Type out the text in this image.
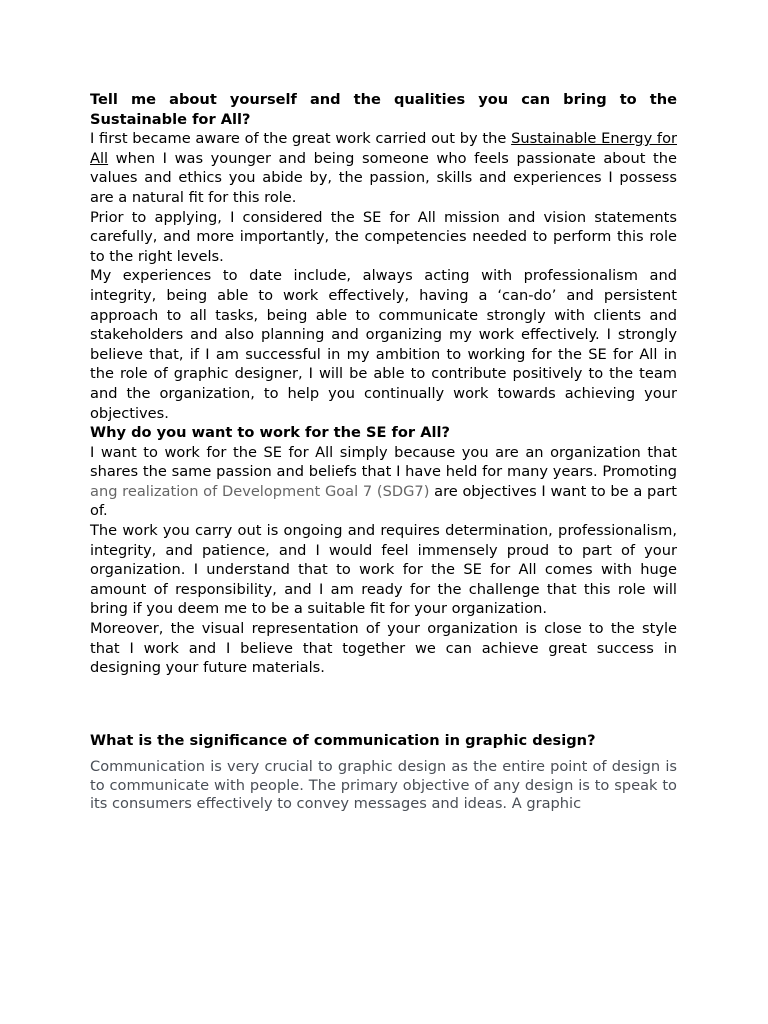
Tell me about yourself and the qualities you can bring to the Sustainable for All?

I first became aware of the great work carried out by the Sustainable Energy for All when I was younger and being someone who feels passionate about the values and ethics you abide by, the passion, skills and experiences I possess are a natural fit for this role.

Prior to applying, I considered the SE for All mission and vision statements carefully, and more importantly, the competencies needed to perform this role to the right levels.

My experiences to date include, always acting with professionalism and integrity, being able to work effectively, having a ‘can-do’ and persistent approach to all tasks, being able to communicate strongly with clients and stakeholders and also planning and organizing my work effectively. I strongly believe that, if I am successful in my ambition to working for the SE for All in the role of graphic designer, I will be able to contribute positively to the team and the organization, to help you continually work towards achieving your objectives.

Why do you want to work for the SE for All?

I want to work for the SE for All simply because you are an organization that shares the same passion and beliefs that I have held for many years. Promoting ang realization of Development Goal 7 (SDG7) are objectives I want to be a part of.

The work you carry out is ongoing and requires determination, professionalism, integrity, and patience, and I would feel immensely proud to part of your organization. I understand that to work for the SE for All comes with huge amount of responsibility, and I am ready for the challenge that this role will bring if you deem me to be a suitable fit for your organization.

Moreover, the visual representation of your organization is close to the style that I work and I believe that together we can achieve great success in designing your future materials.

What is the significance of communication in graphic design?

Communication is very crucial to graphic design as the entire point of design is to communicate with people. The primary objective of any design is to speak to its consumers effectively to convey messages and ideas. A graphic
